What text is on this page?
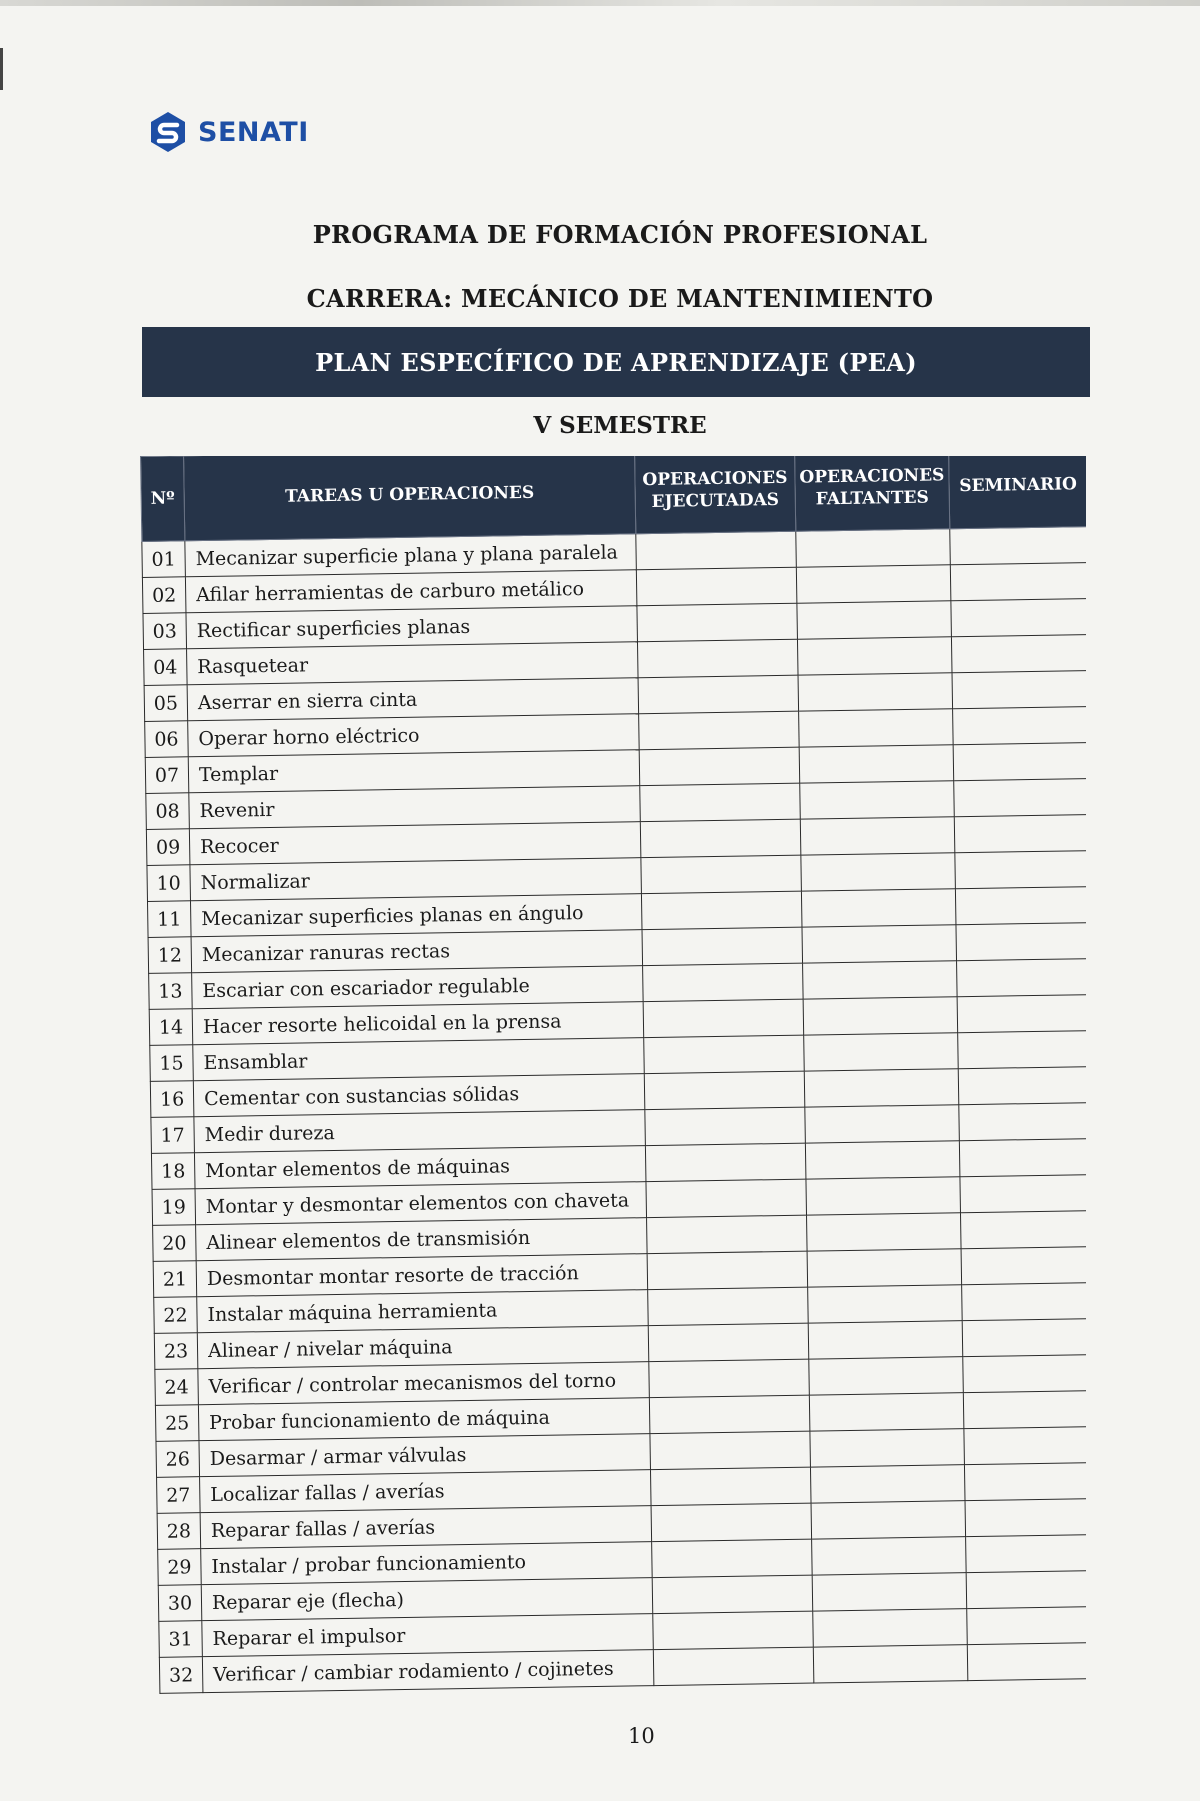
SENATI
PROGRAMA DE FORMACIÓN PROFESIONAL
CARRERA: MECÁNICO DE MANTENIMIENTO
PLAN ESPECÍFICO DE APRENDIZAJE (PEA)
V SEMESTRE
Nº	TAREAS U OPERACIONES	OPERACIONES EJECUTADAS	OPERACIONES FALTANTES	SEMINARIO
01	Mecanizar superficie plana y plana paralela			
02	Afilar herramientas de carburo metálico			
03	Rectificar superficies planas			
04	Rasquetear			
05	Aserrar en sierra cinta			
06	Operar horno eléctrico			
07	Templar			
08	Revenir			
09	Recocer			
10	Normalizar			
11	Mecanizar superficies planas en ángulo			
12	Mecanizar ranuras rectas			
13	Escariar con escariador regulable			
14	Hacer resorte helicoidal en la prensa			
15	Ensamblar			
16	Cementar con sustancias sólidas			
17	Medir dureza			
18	Montar elementos de máquinas			
19	Montar y desmontar elementos con chaveta			
20	Alinear elementos de transmisión			
21	Desmontar montar resorte de tracción			
22	Instalar máquina herramienta			
23	Alinear / nivelar máquina			
24	Verificar / controlar mecanismos del torno			
25	Probar funcionamiento de máquina			
26	Desarmar / armar válvulas			
27	Localizar fallas / averías			
28	Reparar fallas / averías			
29	Instalar / probar funcionamiento			
30	Reparar eje (flecha)			
31	Reparar el impulsor			
32	Verificar / cambiar rodamiento / cojinetes			
10
